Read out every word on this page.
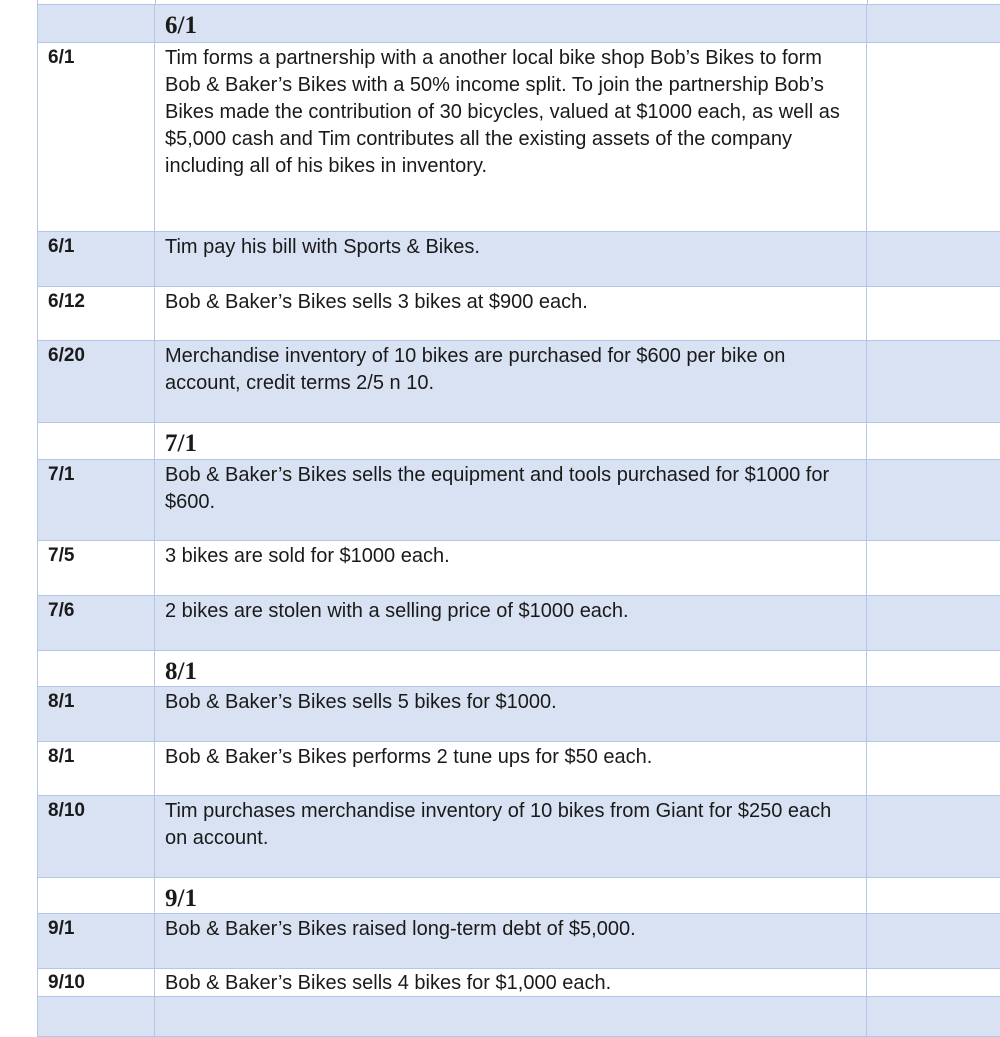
6/1
6/1	Tim forms a partnership with a another local bike shop Bob’s Bikes to form Bob & Baker’s Bikes with a 50% income split. To join the partnership Bob’s Bikes made the contribution of 30 bicycles, valued at $1000 each, as well as $5,000 cash and Tim contributes all the existing assets of the company including all of his bikes in inventory.
6/1	Tim pay his bill with Sports & Bikes.
6/12	Bob & Baker’s Bikes sells 3 bikes at $900 each.
6/20	Merchandise inventory of 10 bikes are purchased for $600 per bike on account, credit terms 2/5 n 10.
7/1
7/1	Bob & Baker’s Bikes sells the equipment and tools purchased for $1000 for $600.
7/5	3 bikes are sold for $1000 each.
7/6	2 bikes are stolen with a selling price of $1000 each.
8/1
8/1	Bob & Baker’s Bikes sells 5 bikes for $1000.
8/1	Bob & Baker’s Bikes performs 2 tune ups for $50 each.
8/10	Tim purchases merchandise inventory of 10 bikes from Giant for $250 each on account.
9/1
9/1	Bob & Baker’s Bikes raised long-term debt of $5,000.
9/10	Bob & Baker’s Bikes sells 4 bikes for $1,000 each.
